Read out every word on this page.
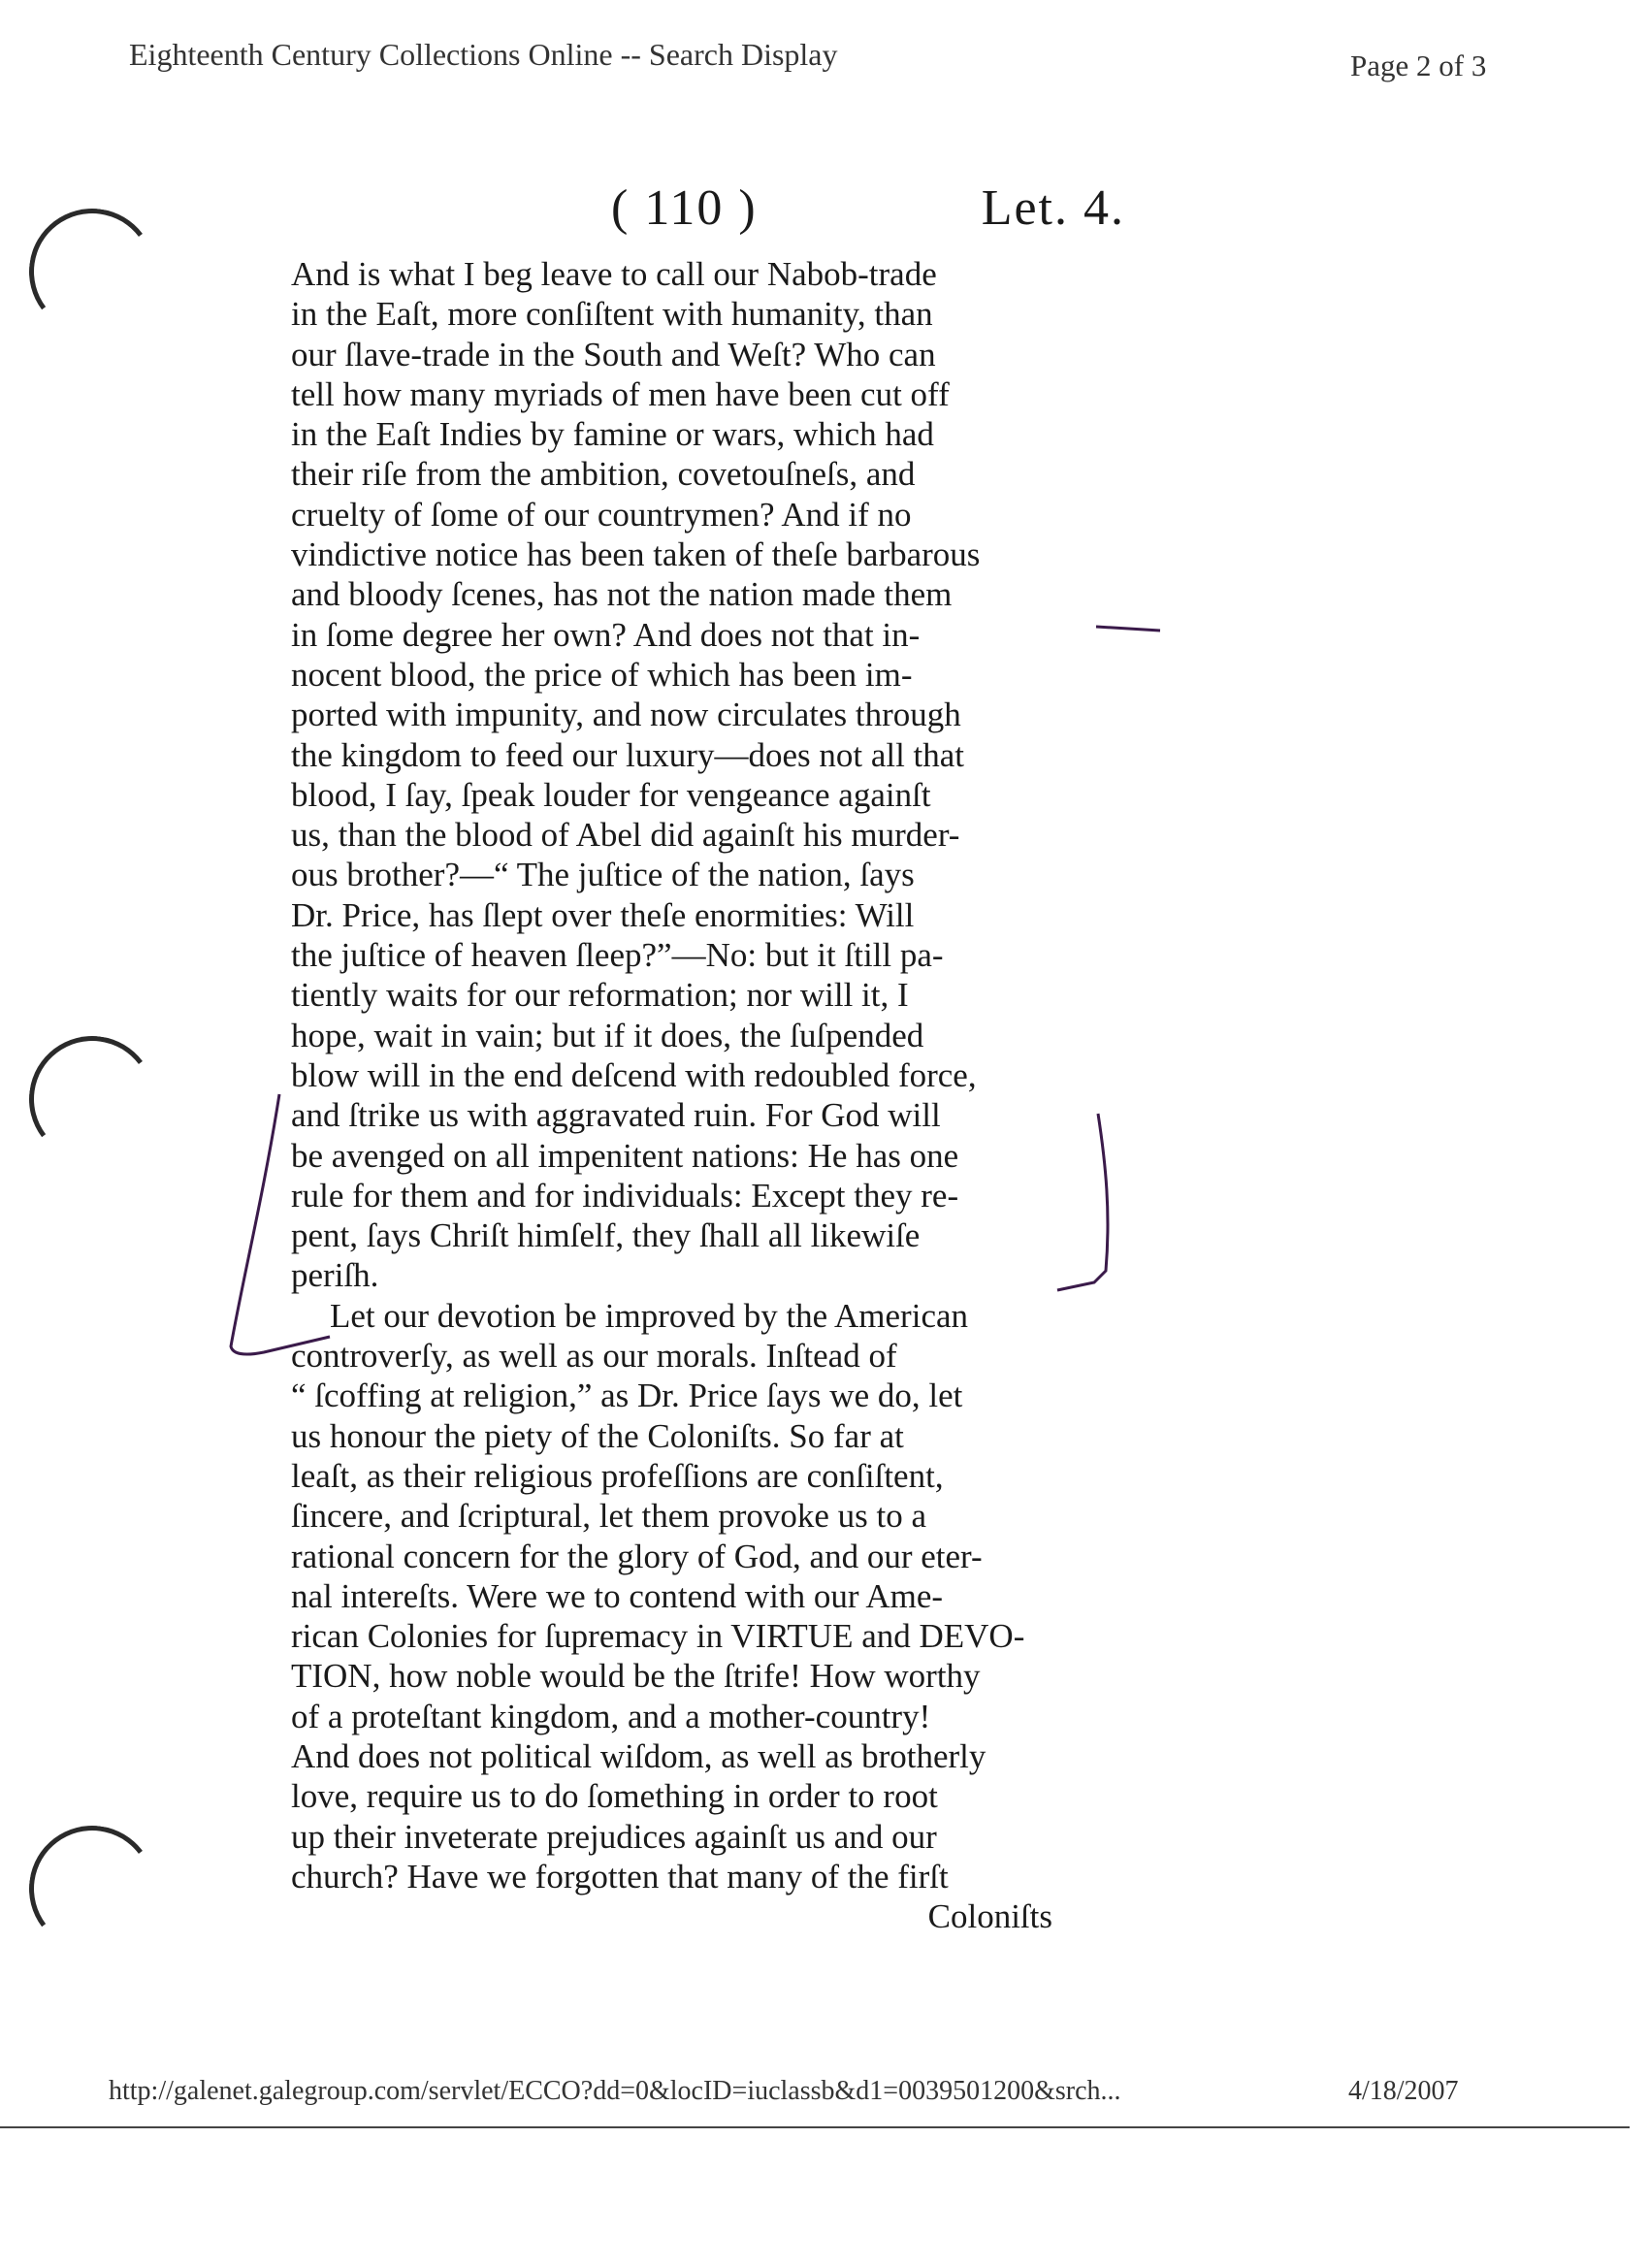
Eighteenth Century Collections Online -- Search Display	Page 2 of 3
( 110 )	Let. 4.
And is what I beg leave to call our Nabob-trade
in the Eaſt, more conſiſtent with humanity, than
our ſlave-trade in the South and Weſt? Who can
tell how many myriads of men have been cut off
in the Eaſt Indies by famine or wars, which had
their riſe from the ambition, covetouſneſs, and
cruelty of ſome of our countrymen? And if no
vindictive notice has been taken of theſe barbarous
and bloody ſcenes, has not the nation made them
in ſome degree her own? And does not that in-
nocent blood, the price of which has been im-
ported with impunity, and now circulates through
the kingdom to feed our luxury—does not all that
blood, I ſay, ſpeak louder for vengeance againſt
us, than the blood of Abel did againſt his murder-
ous brother?—“ The juſtice of the nation, ſays
Dr. Price, has ſlept over theſe enormities: Will
the juſtice of heaven ſleep?”—No: but it ſtill pa-
tiently waits for our reformation; nor will it, I
hope, wait in vain; but if it does, the ſuſpended
blow will in the end deſcend with redoubled force,
and ſtrike us with aggravated ruin. For God will
be avenged on all impenitent nations: He has one
rule for them and for individuals: Except they re-
pent, ſays Chriſt himſelf, they ſhall all likewiſe
periſh.
Let our devotion be improved by the American
controverſy, as well as our morals. Inſtead of
“ ſcoffing at religion,” as Dr. Price ſays we do, let
us honour the piety of the Coloniſts. So far at
leaſt, as their religious profeſſions are conſiſtent,
ſincere, and ſcriptural, let them provoke us to a
rational concern for the glory of God, and our eter-
nal intereſts. Were we to contend with our Ame-
rican Colonies for ſupremacy in VIRTUE and DEVO-
TION, how noble would be the ſtrife! How worthy
of a proteſtant kingdom, and a mother-country!
And does not political wiſdom, as well as brotherly
love, require us to do ſomething in order to root
up their inveterate prejudices againſt us and our
church? Have we forgotten that many of the firſt
Coloniſts
http://galenet.galegroup.com/servlet/ECCO?dd=0&locID=iuclassb&d1=0039501200&srch...	4/18/2007
